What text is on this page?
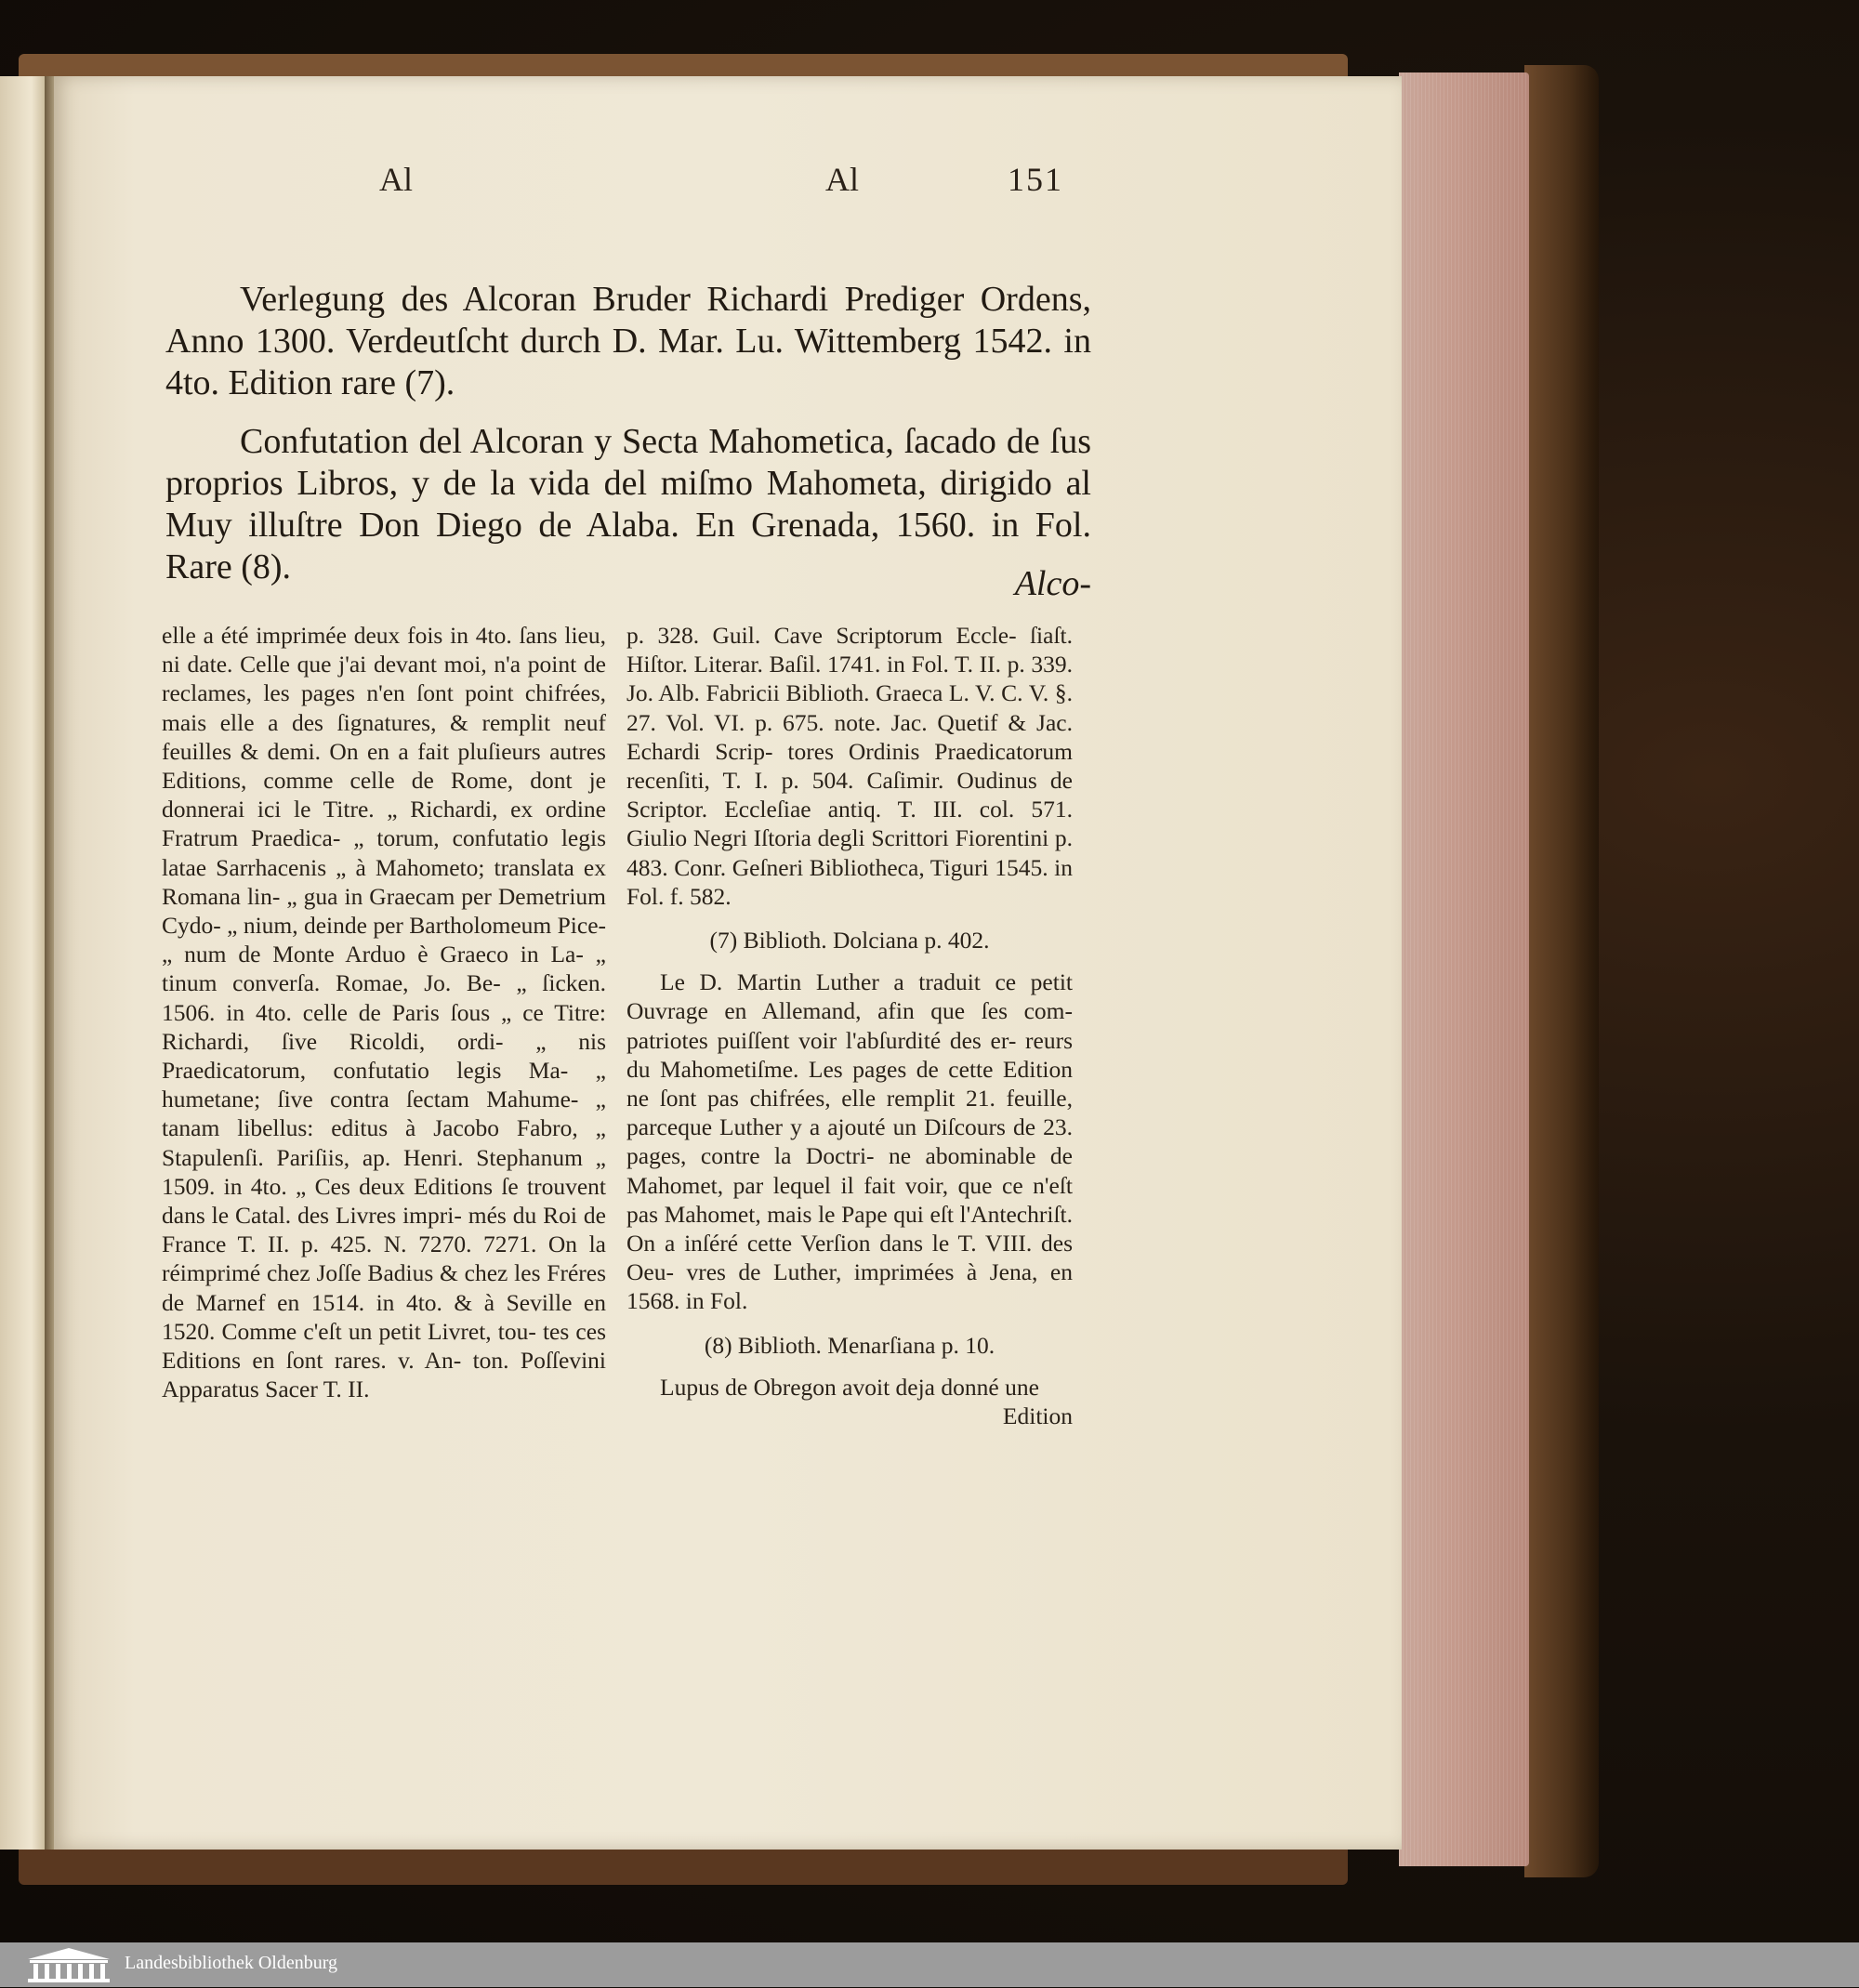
Al	Al	151

Verlegung des Alcoran Bruder Richardi Prediger Ordens, Anno 1300. Verdeutſcht durch D. Mar. Lu. Wittemberg 1542. in 4to. Edition rare (7).

Confutation del Alcoran y Secta Mahometica, ſacado de ſus proprios Libros, y de la vida del miſmo Mahometa, dirigido al Muy illuſtre Don Diego de Alaba. En Grenada, 1560. in Fol. Rare (8).	Alco-

elle a été imprimée deux fois in 4to. ſans lieu, ni date. Celle que j'ai devant moi, n'a point de reclames, les pages n'en ſont point chifrées, mais elle a des ſignatures, & remplit neuf feuilles & demi. On en a fait pluſieurs autres Editions, comme celle de Rome, dont je donnerai ici le Titre. „ Richardi, ex ordine Fratrum Praedica- „ torum, confutatio legis latae Sarrhacenis „ à Mahometo; translata ex Romana lin- „ gua in Graecam per Demetrium Cydo- „ nium, deinde per Bartholomeum Pice- „ num de Monte Arduo è Graeco in La- „ tinum converſa. Romae, Jo. Be- „ ſicken. 1506. in 4to. celle de Paris ſous „ ce Titre: Richardi, ſive Ricoldi, ordi- „ nis Praedicatorum, confutatio legis Ma- „ humetane; ſive contra ſectam Mahume- „ tanam libellus: editus à Jacobo Fabro, „ Stapulenſi. Pariſiis, ap. Henri. Stephanum „ 1509. in 4to. „ Ces deux Editions ſe trouvent dans le Catal. des Livres impri- més du Roi de France T. II. p. 425. N. 7270. 7271. On la réimprimé chez Joſſe Badius & chez les Fréres de Marnef en 1514. in 4to. & à Seville en 1520. Comme c'eſt un petit Livret, tou- tes ces Editions en ſont rares. v. An- ton. Poſſevini Apparatus Sacer T. II.

p. 328. Guil. Cave Scriptorum Eccle- ſiaſt. Hiſtor. Literar. Baſil. 1741. in Fol. T. II. p. 339. Jo. Alb. Fabricii Biblioth. Graeca L. V. C. V. §. 27. Vol. VI. p. 675. note. Jac. Quetif & Jac. Echardi Scrip- tores Ordinis Praedicatorum recenſiti, T. I. p. 504. Caſimir. Oudinus de Scriptor. Eccleſiae antiq. T. III. col. 571. Giulio Negri Iſtoria degli Scrittori Fiorentini p. 483. Conr. Geſneri Bibliotheca, Tiguri 1545. in Fol. f. 582.

(7) Biblioth. Dolciana p. 402.

Le D. Martin Luther a traduit ce petit Ouvrage en Allemand, afin que ſes com- patriotes puiſſent voir l'abſurdité des er- reurs du Mahometiſme. Les pages de cette Edition ne ſont pas chifrées, elle remplit 21. feuille, parceque Luther y a ajouté un Diſcours de 23. pages, contre la Doctri- ne abominable de Mahomet, par lequel il fait voir, que ce n'eſt pas Mahomet, mais le Pape qui eſt l'Antechriſt. On a inſéré cette Verſion dans le T. VIII. des Oeu- vres de Luther, imprimées à Jena, en 1568. in Fol.

(8) Biblioth. Menarſiana p. 10.

Lupus de Obregon avoit deja donné une

Edition

Landesbibliothek Oldenburg
